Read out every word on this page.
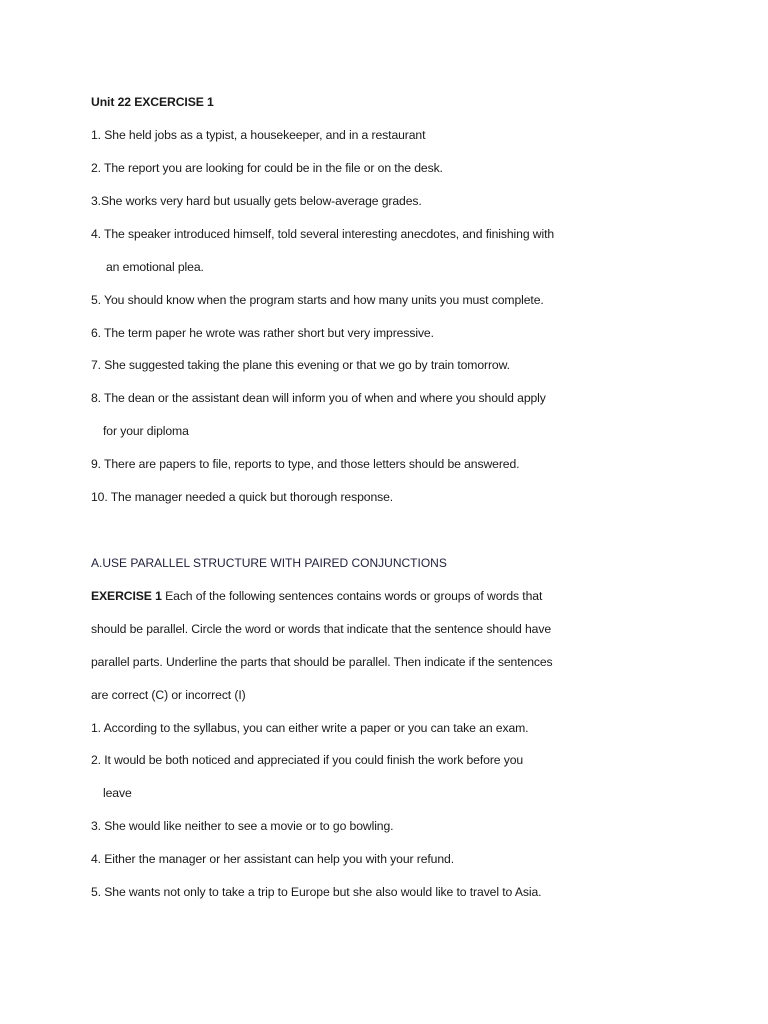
Unit 22 EXCERCISE 1
1. She held jobs as a typist, a housekeeper, and in a restaurant
2. The report you are looking for could be in the file or on the desk.
3.She works very hard but usually gets below-average grades.
4. The speaker introduced himself, told several interesting anecdotes, and finishing with
an emotional plea.
5. You should know when the program starts and how many units you must complete.
6. The term paper he wrote was rather short but very impressive.
7. She suggested taking the plane this evening or that we go by train tomorrow.
8. The dean or the assistant dean will inform you of when and where you should apply
for your diploma
9. There are papers to file, reports to type, and those letters should be answered.
10. The manager needed a quick but thorough response.
A.USE PARALLEL STRUCTURE WITH PAIRED CONJUNCTIONS
EXERCISE 1 Each of the following sentences contains words or groups of words that
should be parallel. Circle the word or words that indicate that the sentence should have
parallel parts. Underline the parts that should be parallel. Then indicate if the sentences
are correct (C) or incorrect (I)
1. According to the syllabus, you can either write a paper or you can take an exam.
2. It would be both noticed and appreciated if you could finish the work before you
leave
3. She would like neither to see a movie or to go bowling.
4. Either the manager or her assistant can help you with your refund.
5. She wants not only to take a trip to Europe but she also would like to travel to Asia.
